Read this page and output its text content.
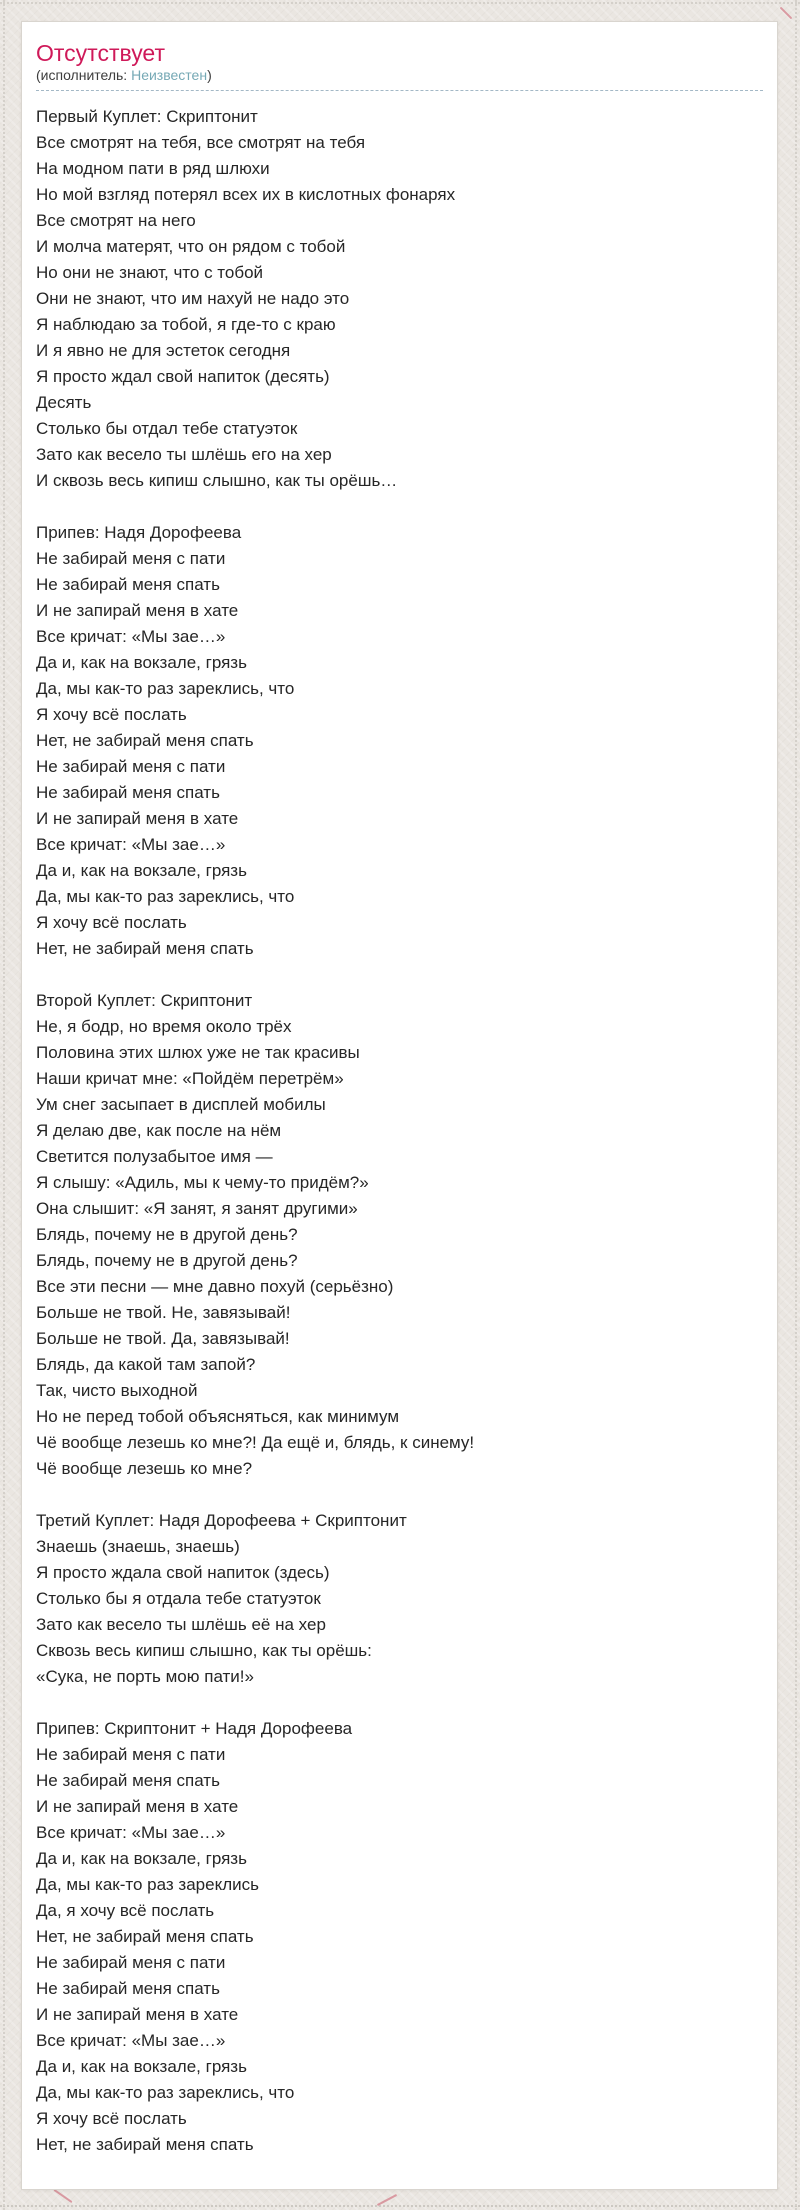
Отсутствует
(исполнитель: Неизвестен)
Первый Куплет: Скриптонит
Все смотрят на тебя, все смотрят на тебя
На модном пати в ряд шлюхи
Но мой взгляд потерял всех их в кислотных фонарях
Все смотрят на него
И молча матерят, что он рядом с тобой
Но они не знают, что с тобой
Они не знают, что им нахуй не надо это
Я наблюдаю за тобой, я где-то с краю
И я явно не для эстеток сегодня
Я просто ждал свой напиток (десять)
Десять
Столько бы отдал тебе статуэток
Зато как весело ты шлёшь его на хер
И сквозь весь кипиш слышно, как ты орёшь…
Припев: Надя Дорофеева
Не забирай меня с пати
Не забирай меня спать
И не запирай меня в хате
Все кричат: «Мы зае…»
Да и, как на вокзале, грязь
Да, мы как-то раз зареклись, что
Я хочу всё послать
Нет, не забирай меня спать
Не забирай меня с пати
Не забирай меня спать
И не запирай меня в хате
Все кричат: «Мы зае…»
Да и, как на вокзале, грязь
Да, мы как-то раз зареклись, что
Я хочу всё послать
Нет, не забирай меня спать
Второй Куплет: Скриптонит
Не, я бодр, но время около трёх
Половина этих шлюх уже не так красивы
Наши кричат мне: «Пойдём перетрём»
Ум снег засыпает в дисплей мобилы
Я делаю две, как после на нём
Светится полузабытое имя —
Я слышу: «Адиль, мы к чему-то придём?»
Она слышит: «Я занят, я занят другими»
Блядь, почему не в другой день?
Блядь, почему не в другой день?
Все эти песни — мне давно похуй (серьёзно)
Больше не твой. Не, завязывай!
Больше не твой. Да, завязывай!
Блядь, да какой там запой?
Так, чисто выходной
Но не перед тобой объясняться, как минимум
Чё вообще лезешь ко мне?! Да ещё и, блядь, к синему!
Чё вообще лезешь ко мне?
Третий Куплет: Надя Дорофеева + Скриптонит
Знаешь (знаешь, знаешь)
Я просто ждала свой напиток (здесь)
Столько бы я отдала тебе статуэток
Зато как весело ты шлёшь её на хер
Сквозь весь кипиш слышно, как ты орёшь:
«Сука, не порть мою пати!»
Припев: Скриптонит + Надя Дорофеева
Не забирай меня с пати
Не забирай меня спать
И не запирай меня в хате
Все кричат: «Мы зае…»
Да и, как на вокзале, грязь
Да, мы как-то раз зареклись
Да, я хочу всё послать
Нет, не забирай меня спать
Не забирай меня с пати
Не забирай меня спать
И не запирай меня в хате
Все кричат: «Мы зае…»
Да и, как на вокзале, грязь
Да, мы как-то раз зареклись, что
Я хочу всё послать
Нет, не забирай меня спать
